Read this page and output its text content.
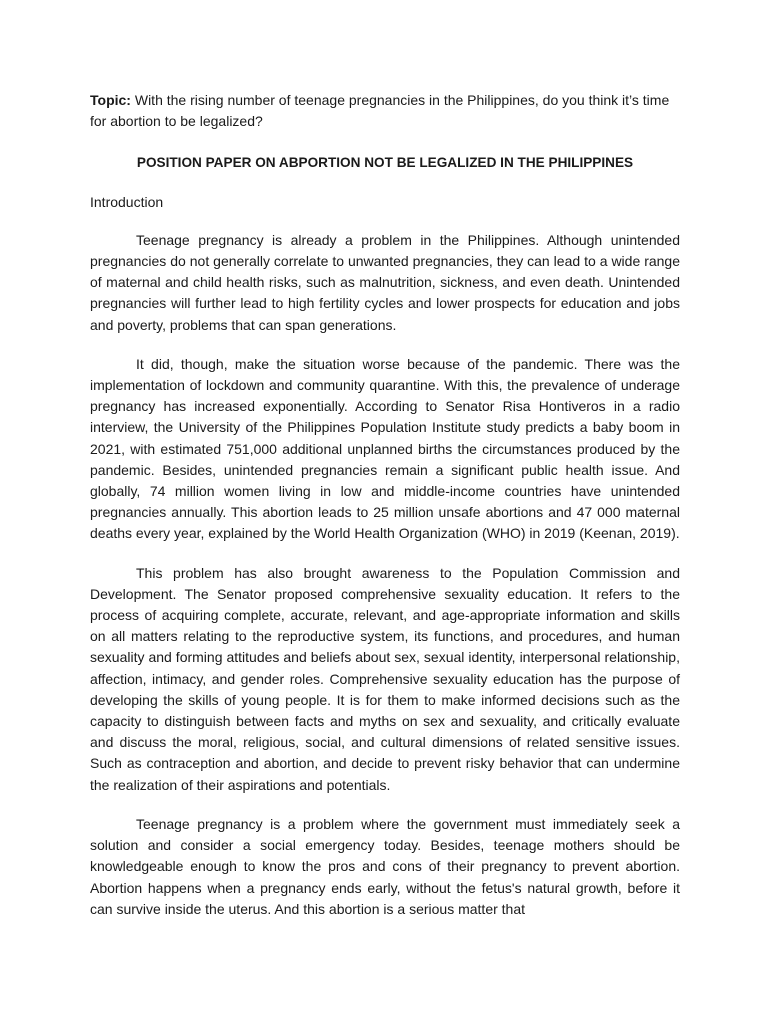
Topic: With the rising number of teenage pregnancies in the Philippines, do you think it’s time for abortion to be legalized?

POSITION PAPER ON ABPORTION NOT BE LEGALIZED IN THE PHILIPPINES

Introduction

Teenage pregnancy is already a problem in the Philippines. Although unintended pregnancies do not generally correlate to unwanted pregnancies, they can lead to a wide range of maternal and child health risks, such as malnutrition, sickness, and even death. Unintended pregnancies will further lead to high fertility cycles and lower prospects for education and jobs and poverty, problems that can span generations.

It did, though, make the situation worse because of the pandemic. There was the implementation of lockdown and community quarantine. With this, the prevalence of underage pregnancy has increased exponentially. According to Senator Risa Hontiveros in a radio interview, the University of the Philippines Population Institute study predicts a baby boom in 2021, with estimated 751,000 additional unplanned births the circumstances produced by the pandemic. Besides, unintended pregnancies remain a significant public health issue. And globally, 74 million women living in low and middle-income countries have unintended pregnancies annually. This abortion leads to 25 million unsafe abortions and 47 000 maternal deaths every year, explained by the World Health Organization (WHO) in 2019 (Keenan, 2019).

This problem has also brought awareness to the Population Commission and Development. The Senator proposed comprehensive sexuality education. It refers to the process of acquiring complete, accurate, relevant, and age-appropriate information and skills on all matters relating to the reproductive system, its functions, and procedures, and human sexuality and forming attitudes and beliefs about sex, sexual identity, interpersonal relationship, affection, intimacy, and gender roles. Comprehensive sexuality education has the purpose of developing the skills of young people. It is for them to make informed decisions such as the capacity to distinguish between facts and myths on sex and sexuality, and critically evaluate and discuss the moral, religious, social, and cultural dimensions of related sensitive issues. Such as contraception and abortion, and decide to prevent risky behavior that can undermine the realization of their aspirations and potentials.

Teenage pregnancy is a problem where the government must immediately seek a solution and consider a social emergency today. Besides, teenage mothers should be knowledgeable enough to know the pros and cons of their pregnancy to prevent abortion. Abortion happens when a pregnancy ends early, without the fetus's natural growth, before it can survive inside the uterus. And this abortion is a serious matter that
